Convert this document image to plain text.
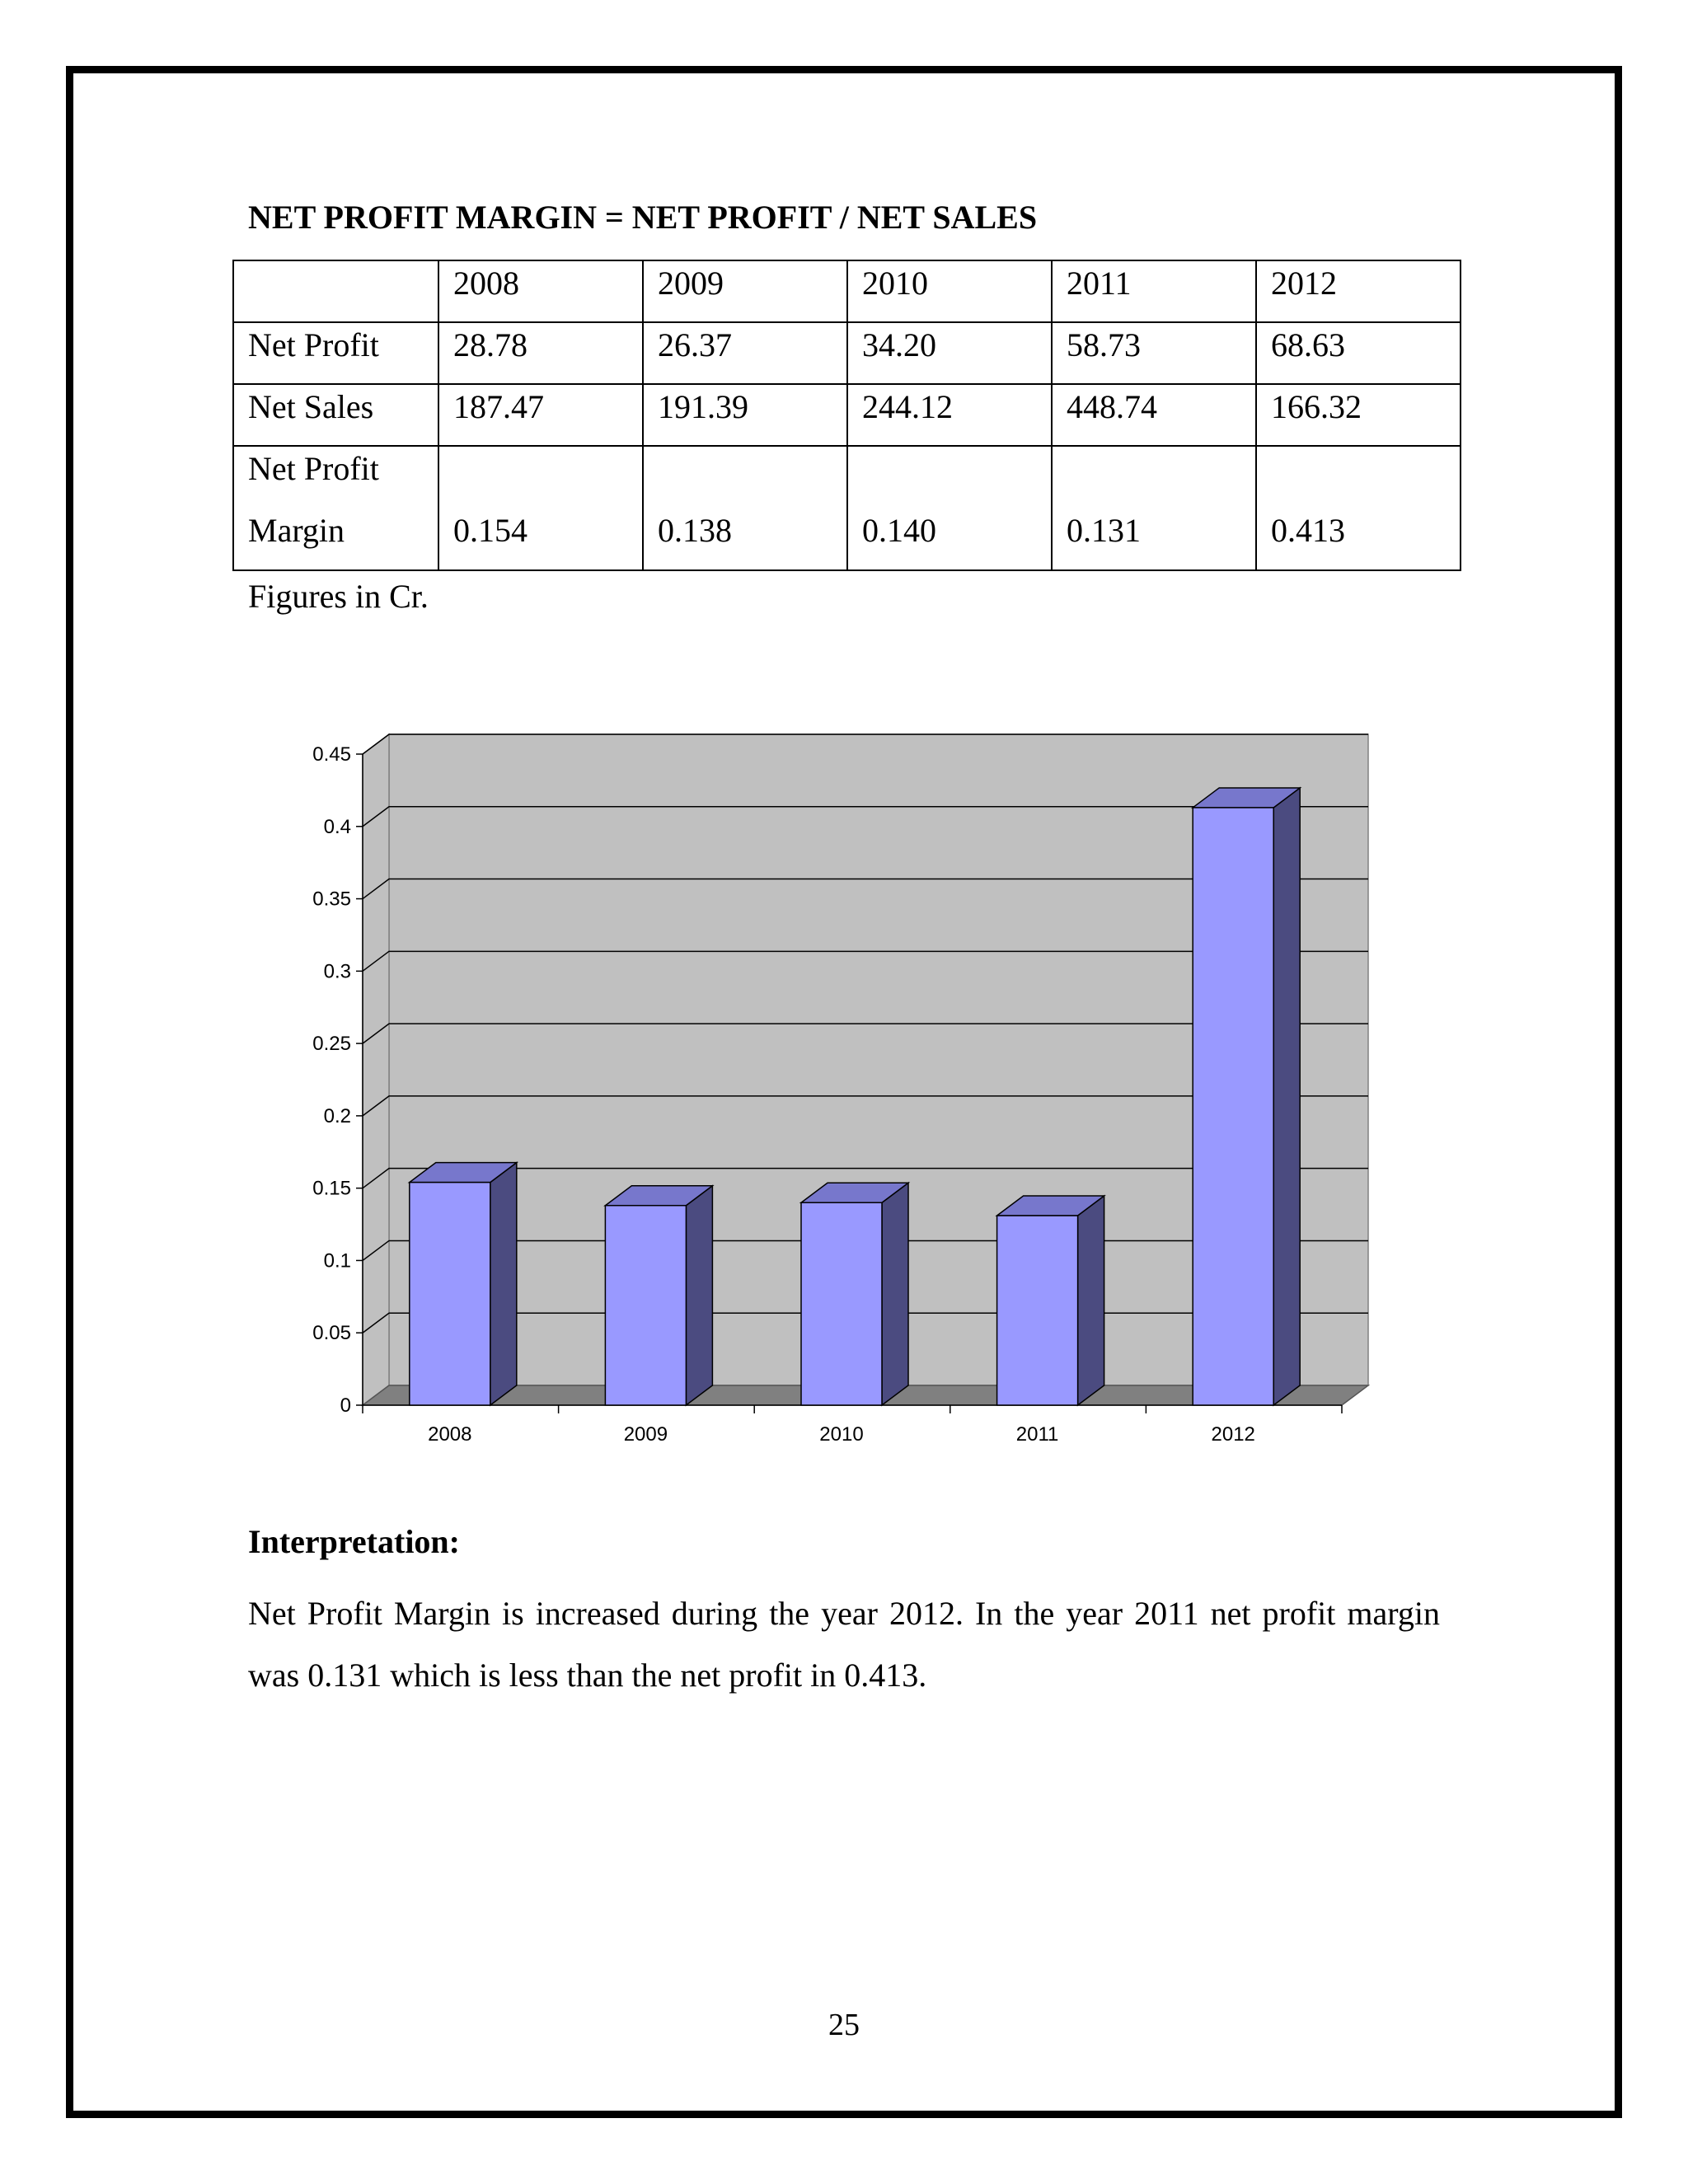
NET PROFIT MARGIN = NET PROFIT / NET SALES
	2008	2009	2010	2011	2012
Net Profit	28.78	26.37	34.20	58.73	68.63
Net Sales	187.47	191.39	244.12	448.74	166.32

Net Profit
Margin	0.154	0.138	0.140	0.131	0.413
Figures in Cr.
0
0.05
0.1
0.15
0.2
0.25
0.3
0.35
0.4
0.45
2008	2009	2010	2011	2012
Interpretation:
Net Profit Margin is increased during the year 2012. In the year 2011 net profit margin was 0.131 which is less than the net profit in 0.413.
25
